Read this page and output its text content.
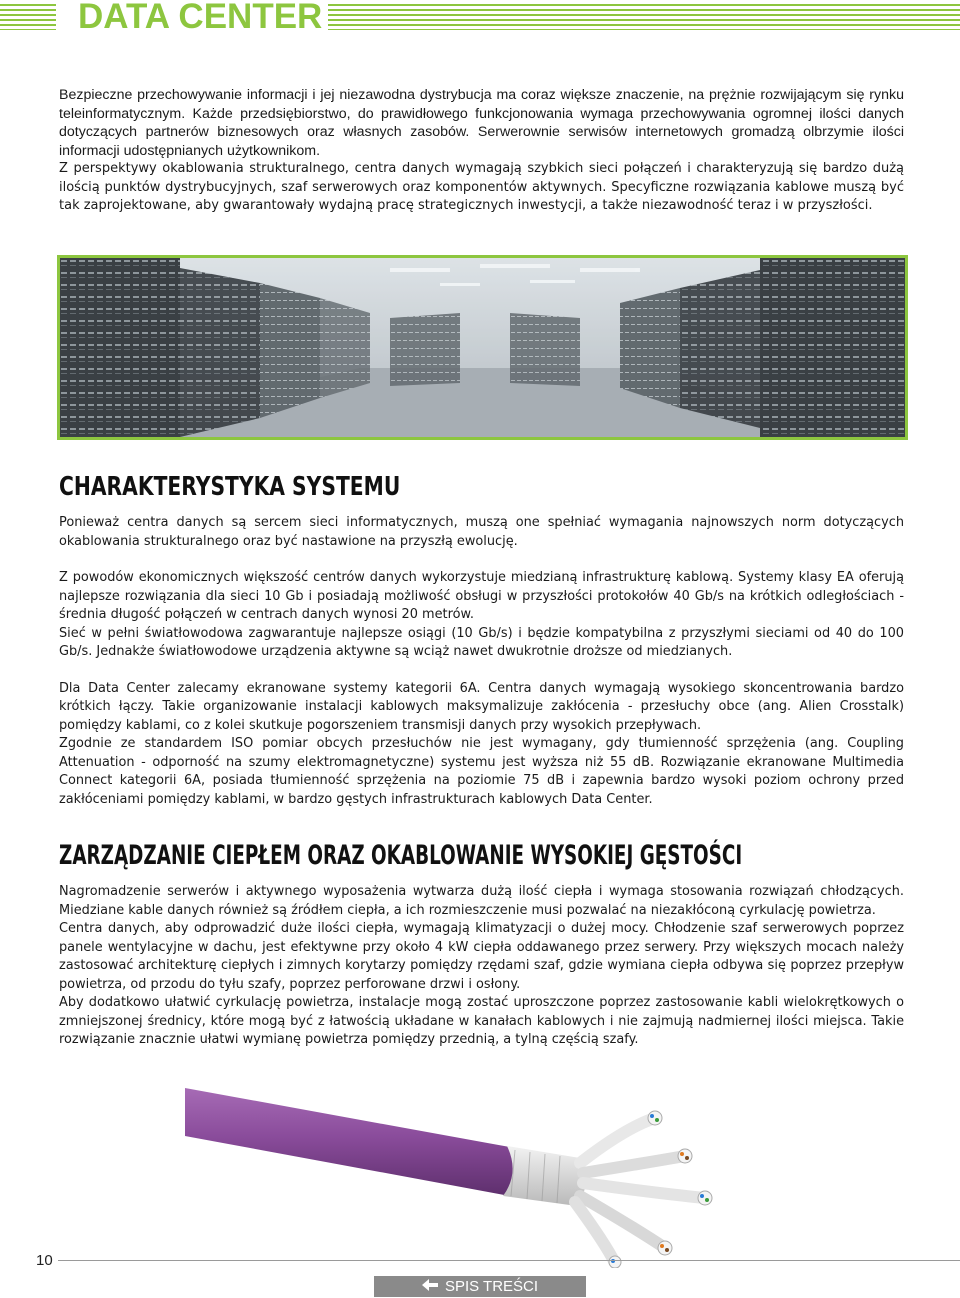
DATA CENTER

Bezpieczne przechowywanie informacji i jej niezawodna dystrybucja ma coraz większe znaczenie, na prężnie rozwijającym się rynku teleinformatycznym. Każde przedsiębiorstwo, do prawidłowego funkcjonowania wymaga przechowywania ogromnej ilości danych dotyczących partnerów biznesowych oraz własnych zasobów. Serwerownie serwisów internetowych gromadzą olbrzymie ilości informacji udostępnianych użytkownikom.

Z perspektywy okablowania strukturalnego, centra danych wymagają szybkich sieci połączeń i charakteryzują się bardzo dużą ilością punktów dystrybucyjnych, szaf serwerowych oraz komponentów aktywnych. Specyficzne rozwiązania kablowe muszą być tak zaprojektowane, aby gwarantowały wydajną pracę strategicznych inwestycji, a także niezawodność teraz i w przyszłości.

CHARAKTERYSTYKA SYSTEMU

Ponieważ centra danych są sercem sieci informatycznych, muszą one spełniać wymagania najnowszych norm dotyczących okablowania strukturalnego oraz być nastawione na przyszłą ewolucję.

Z powodów ekonomicznych większość centrów danych wykorzystuje miedzianą infrastrukturę kablową. Systemy klasy EA oferują najlepsze rozwiązania dla sieci 10 Gb i posiadają możliwość obsługi w przyszłości protokołów 40 Gb/s na krótkich odległościach - średnia długość połączeń w centrach danych wynosi 20 metrów.

Sieć w pełni światłowodowa zagwarantuje najlepsze osiągi (10 Gb/s) i będzie kompatybilna z przyszłymi sieciami od 40 do 100 Gb/s. Jednakże światłowodowe urządzenia aktywne są wciąż nawet dwukrotnie droższe od miedzianych.

Dla Data Center zalecamy ekranowane systemy kategorii 6A. Centra danych wymagają wysokiego skoncentrowania bardzo krótkich łączy. Takie organizowanie instalacji kablowych maksymalizuje zakłócenia - przesłuchy obce (ang. Alien Crosstalk) pomiędzy kablami, co z kolei skutkuje pogorszeniem transmisji danych przy wysokich przepływach.

Zgodnie ze standardem ISO pomiar obcych przesłuchów nie jest wymagany, gdy tłumienność sprzężenia (ang. Coupling Attenuation - odporność na szumy elektromagnetyczne) systemu jest wyższa niż 55 dB. Rozwiązanie ekranowane Multimedia Connect kategorii 6A, posiada tłumienność sprzężenia na poziomie 75 dB i zapewnia bardzo wysoki poziom ochrony przed zakłóceniami pomiędzy kablami, w bardzo gęstych infrastrukturach kablowych Data Center.

ZARZĄDZANIE CIEPŁEM ORAZ OKABLOWANIE WYSOKIEJ GĘSTOŚCI

Nagromadzenie serwerów i aktywnego wyposażenia wytwarza dużą ilość ciepła i wymaga stosowania rozwiązań chłodzących. Miedziane kable danych również są źródłem ciepła, a ich rozmieszczenie musi pozwalać na niezakłóconą cyrkulację powietrza.

Centra danych, aby odprowadzić duże ilości ciepła, wymagają klimatyzacji o dużej mocy. Chłodzenie szaf serwerowych poprzez panele wentylacyjne w dachu, jest efektywne przy około 4 kW ciepła oddawanego przez serwery. Przy większych mocach należy zastosować architekturę ciepłych i zimnych korytarzy pomiędzy rzędami szaf, gdzie wymiana ciepła odbywa się poprzez przepływ powietrza, od przodu do tyłu szafy, poprzez perforowane drzwi i osłony.

Aby dodatkowo ułatwić cyrkulację powietrza, instalacje mogą zostać uproszczone poprzez zastosowanie kabli wielokrętkowych o zmniejszonej średnicy, które mogą być z łatwością układane w kanałach kablowych i nie zajmują nadmiernej ilości miejsca. Takie rozwiązanie znacznie ułatwi wymianę powietrza pomiędzy przednią, a tylną częścią szafy.

10
SPIS TREŚCI
